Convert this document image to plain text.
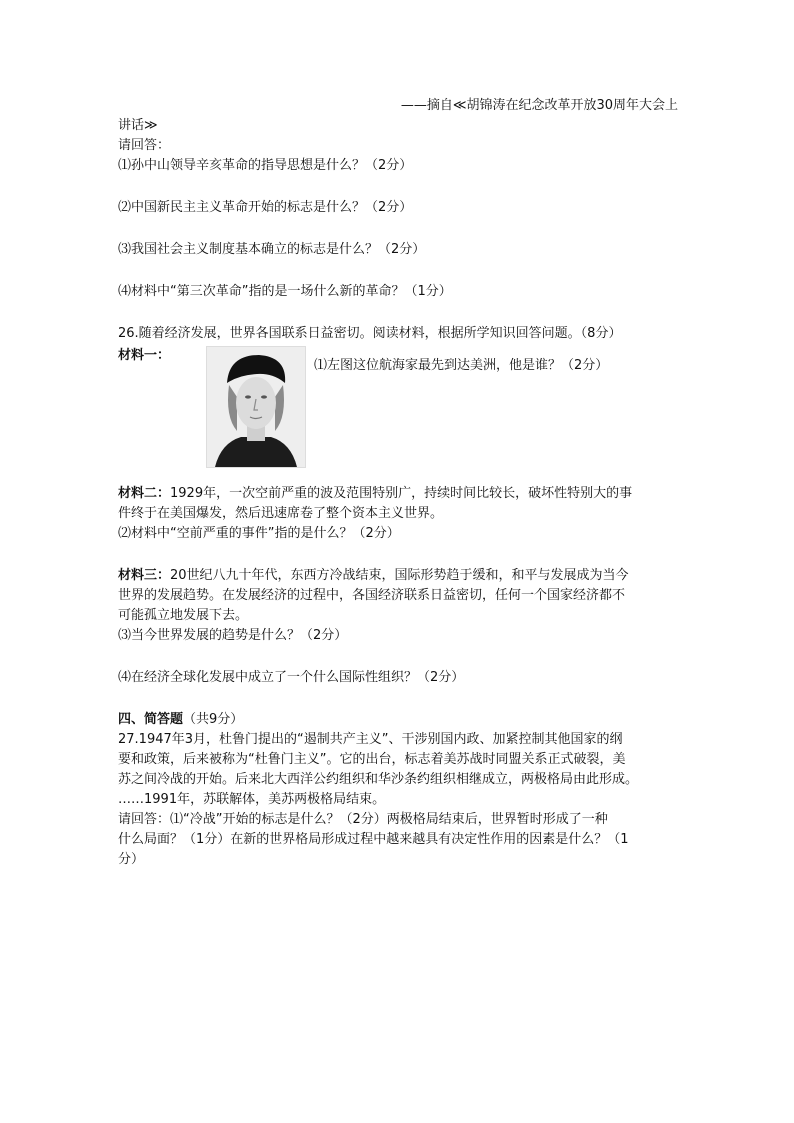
——摘自≪胡锦涛在纪念改革开放30周年大会上
讲话≫
请回答：
⑴孙中山领导辛亥革命的指导思想是什么？（2分）
⑵中国新民主主义革命开始的标志是什么？（2分）
⑶我国社会主义制度基本确立的标志是什么？（2分）
⑷材料中“第三次革命”指的是一场什么新的革命？（1分）
26.随着经济发展，世界各国联系日益密切。阅读材料，根据所学知识回答问题。（8分）
材料一：
⑴左图这位航海家最先到达美洲，他是谁？（2分）
材料二：1929年，一次空前严重的波及范围特别广，持续时间比较长，破坏性特别大的事
件终于在美国爆发，然后迅速席卷了整个资本主义世界。
⑵材料中“空前严重的事件”指的是什么？（2分）
材料三：20世纪八九十年代，东西方冷战结束，国际形势趋于缓和，和平与发展成为当今
世界的发展趋势。在发展经济的过程中，各国经济联系日益密切，任何一个国家经济都不
可能孤立地发展下去。
⑶当今世界发展的趋势是什么？（2分）
⑷在经济全球化发展中成立了一个什么国际性组织？（2分）
四、简答题（共9分）
27.1947年3月，杜鲁门提出的“遏制共产主义”、干涉别国内政、加紧控制其他国家的纲
要和政策，后来被称为“杜鲁门主义”。它的出台，标志着美苏战时同盟关系正式破裂，美
苏之间冷战的开始。后来北大西洋公约组织和华沙条约组织相继成立，两极格局由此形成。
……1991年，苏联解体，美苏两极格局结束。
请回答：⑴“冷战”开始的标志是什么？（2分）两极格局结束后，世界暂时形成了一种
什么局面？（1分）在新的世界格局形成过程中越来越具有决定性作用的因素是什么？（1
分）
